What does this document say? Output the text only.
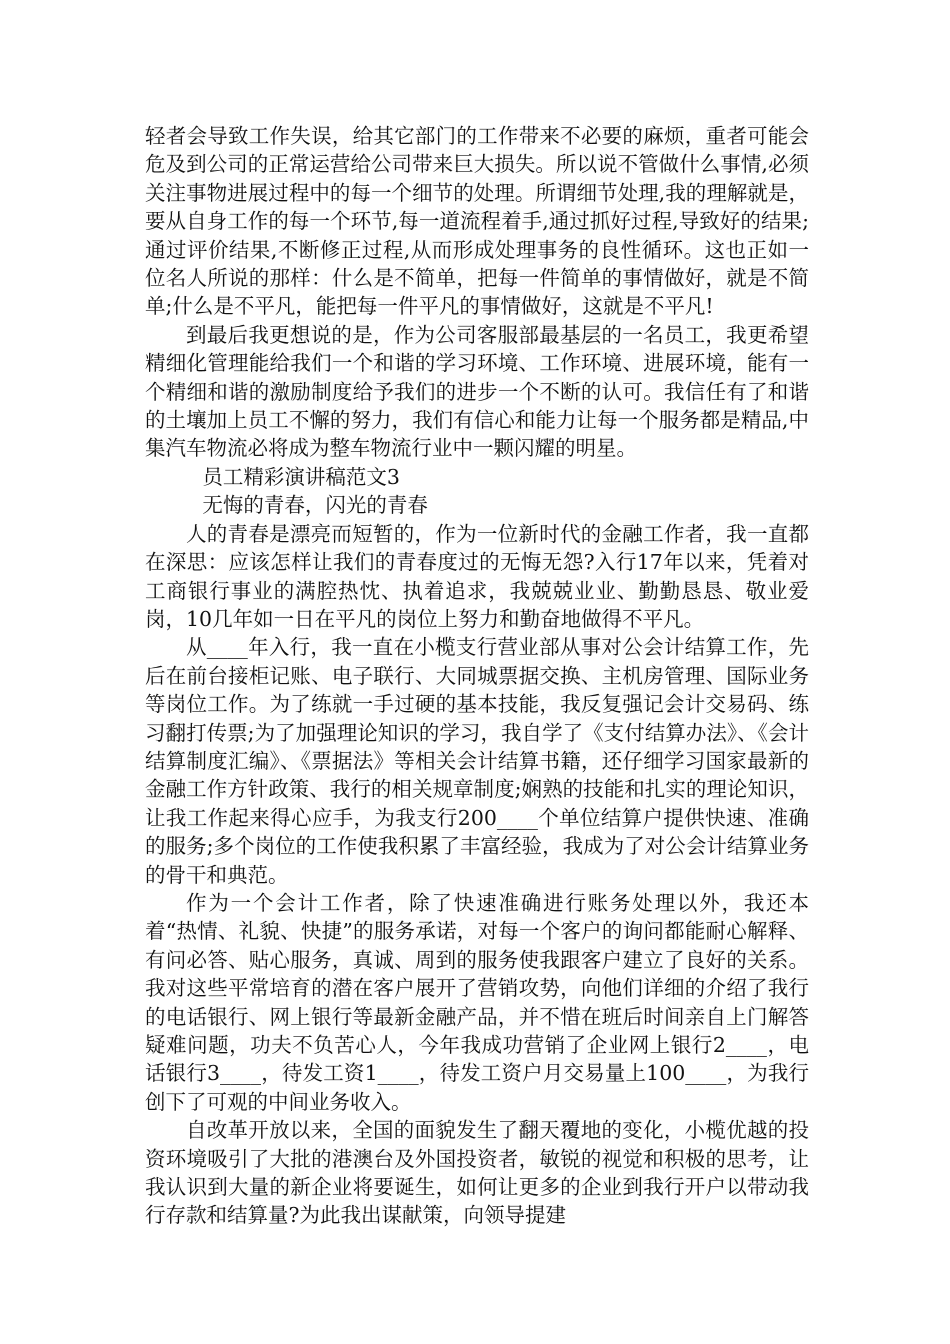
轻者会导致工作失误，给其它部门的工作带来不必要的麻烦，重者可能会危及到公司的正常运营给公司带来巨大损失。所以说不管做什么事情,必须关注事物进展过程中的每一个细节的处理。所谓细节处理,我的理解就是，要从自身工作的每一个环节,每一道流程着手,通过抓好过程,导致好的结果;通过评价结果,不断修正过程,从而形成处理事务的良性循环。这也正如一位名人所说的那样：什么是不简单，把每一件简单的事情做好，就是不简单;什么是不平凡，能把每一件平凡的事情做好，这就是不平凡!

到最后我更想说的是，作为公司客服部最基层的一名员工，我更希望精细化管理能给我们一个和谐的学习环境、工作环境、进展环境，能有一个精细和谐的激励制度给予我们的进步一个不断的认可。我信任有了和谐的土壤加上员工不懈的努力，我们有信心和能力让每一个服务都是精品,中集汽车物流必将成为整车物流行业中一颗闪耀的明星。

员工精彩演讲稿范文3

无悔的青春，闪光的青春

人的青春是漂亮而短暂的，作为一位新时代的金融工作者，我一直都在深思：应该怎样让我们的青春度过的无悔无怨?入行17年以来，凭着对工商银行事业的满腔热忱、执着追求，我兢兢业业、勤勤恳恳、敬业爱岗，10几年如一日在平凡的岗位上努力和勤奋地做得不平凡。

从____年入行，我一直在小榄支行营业部从事对公会计结算工作，先后在前台接柜记账、电子联行、大同城票据交换、主机房管理、国际业务等岗位工作。为了练就一手过硬的基本技能，我反复强记会计交易码、练习翻打传票;为了加强理论知识的学习，我自学了《支付结算办法》、《会计结算制度汇编》、《票据法》等相关会计结算书籍，还仔细学习国家最新的金融工作方针政策、我行的相关规章制度;娴熟的技能和扎实的理论知识，让我工作起来得心应手，为我支行200____个单位结算户提供快速、准确的服务;多个岗位的工作使我积累了丰富经验，我成为了对公会计结算业务的骨干和典范。

作为一个会计工作者，除了快速准确进行账务处理以外，我还本着“热情、礼貌、快捷”的服务承诺，对每一个客户的询问都能耐心解释、有问必答、贴心服务，真诚、周到的服务使我跟客户建立了良好的关系。我对这些平常培育的潜在客户展开了营销攻势，向他们详细的介绍了我行的电话银行、网上银行等最新金融产品，并不惜在班后时间亲自上门解答疑难问题，功夫不负苦心人，今年我成功营销了企业网上银行2____，电话银行3____，待发工资1____，待发工资户月交易量上100____，为我行创下了可观的中间业务收入。

自改革开放以来，全国的面貌发生了翻天覆地的变化，小榄优越的投资环境吸引了大批的港澳台及外国投资者，敏锐的视觉和积极的思考，让我认识到大量的新企业将要诞生，如何让更多的企业到我行开户以带动我行存款和结算量?为此我出谋献策，向领导提建
